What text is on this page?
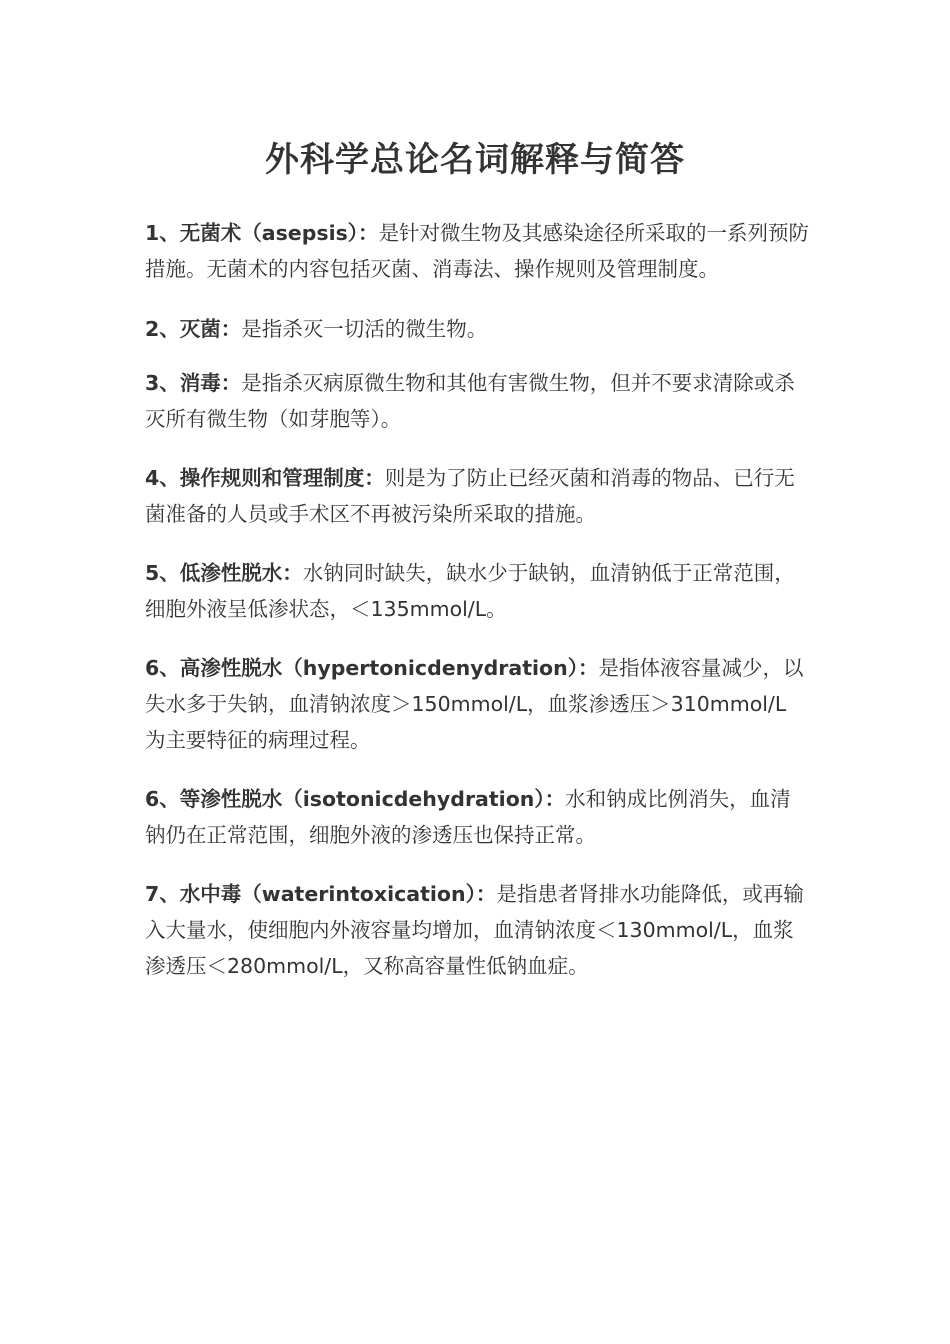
外科学总论名词解释与简答

1、无菌术（asepsis）：是针对微生物及其感染途径所采取的一系列预防措施。无菌术的内容包括灭菌、消毒法、操作规则及管理制度。

2、灭菌：是指杀灭一切活的微生物。

3、消毒：是指杀灭病原微生物和其他有害微生物，但并不要求清除或杀灭所有微生物（如芽胞等）。

4、操作规则和管理制度：则是为了防止已经灭菌和消毒的物品、已行无菌准备的人员或手术区不再被污染所采取的措施。

5、低渗性脱水：水钠同时缺失，缺水少于缺钠，血清钠低于正常范围，细胞外液呈低渗状态，＜135mmol/L。

6、高渗性脱水（hypertonicdenydration）：是指体液容量减少，以失水多于失钠，血清钠浓度＞150mmol/L，血浆渗透压＞310mmol/L 为主要特征的病理过程。

6、等渗性脱水（isotonicdehydration）：水和钠成比例消失，血清钠仍在正常范围，细胞外液的渗透压也保持正常。

7、水中毒（waterintoxication）：是指患者肾排水功能降低，或再输入大量水，使细胞内外液容量均增加，血清钠浓度＜130mmol/L，血浆渗透压＜280mmol/L，又称高容量性低钠血症。
